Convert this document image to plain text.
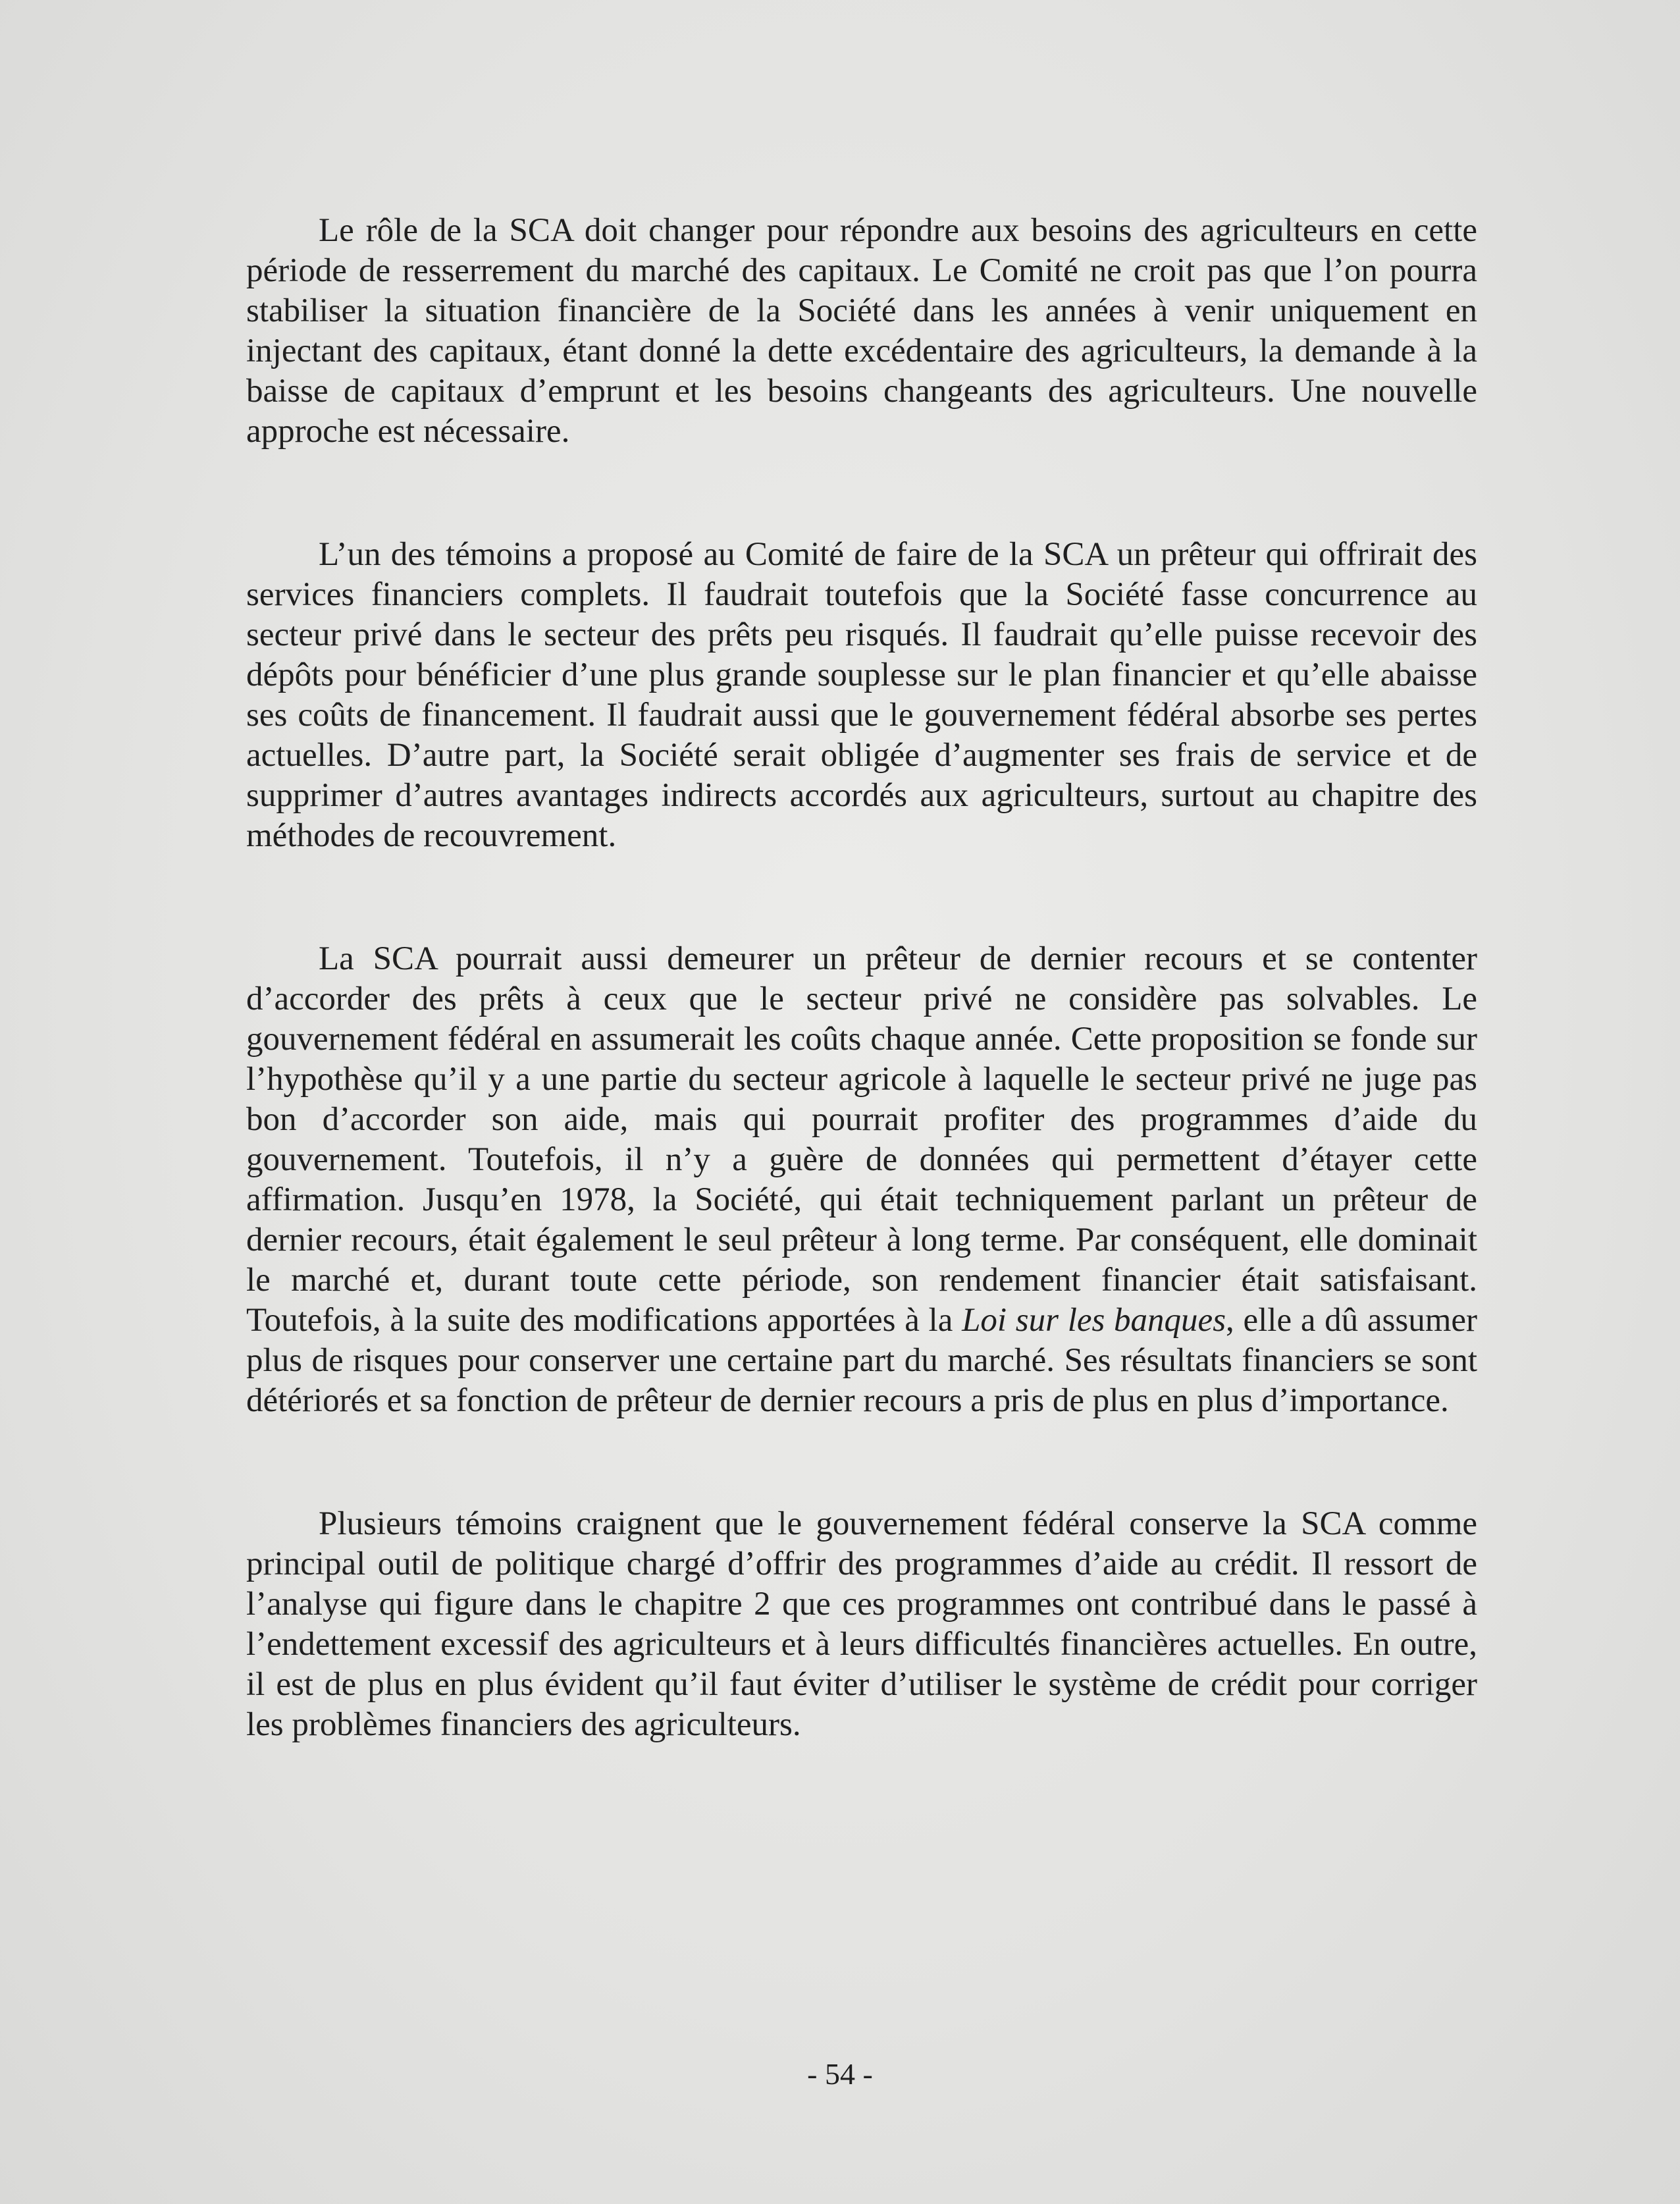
Le rôle de la SCA doit changer pour répondre aux besoins des agriculteurs en cette période de resserrement du marché des capitaux. Le Comité ne croit pas que l’on pourra stabiliser la situation financière de la Société dans les années à venir uniquement en injectant des capitaux, étant donné la dette excédentaire des agriculteurs, la demande à la baisse de capitaux d’emprunt et les besoins changeants des agriculteurs. Une nouvelle approche est nécessaire.

L’un des témoins a proposé au Comité de faire de la SCA un prêteur qui offrirait des services financiers complets. Il faudrait toutefois que la Société fasse concurrence au secteur privé dans le secteur des prêts peu risqués. Il faudrait qu’elle puisse recevoir des dépôts pour bénéficier d’une plus grande souplesse sur le plan financier et qu’elle abaisse ses coûts de financement. Il faudrait aussi que le gouvernement fédéral absorbe ses pertes actuelles. D’autre part, la Société serait obligée d’augmenter ses frais de service et de supprimer d’autres avantages indirects accordés aux agriculteurs, surtout au chapitre des méthodes de recouvrement.

La SCA pourrait aussi demeurer un prêteur de dernier recours et se contenter d’accorder des prêts à ceux que le secteur privé ne considère pas solvables. Le gouvernement fédéral en assumerait les coûts chaque année. Cette proposition se fonde sur l’hypothèse qu’il y a une partie du secteur agricole à laquelle le secteur privé ne juge pas bon d’accorder son aide, mais qui pourrait profiter des programmes d’aide du gouvernement. Toutefois, il n’y a guère de données qui permettent d’étayer cette affirmation. Jusqu’en 1978, la Société, qui était techniquement parlant un prêteur de dernier recours, était également le seul prêteur à long terme. Par conséquent, elle dominait le marché et, durant toute cette période, son rendement financier était satisfaisant. Toutefois, à la suite des modifications apportées à la Loi sur les banques, elle a dû assumer plus de risques pour conserver une certaine part du marché. Ses résultats financiers se sont détériorés et sa fonction de prêteur de dernier recours a pris de plus en plus d’importance.

Plusieurs témoins craignent que le gouvernement fédéral conserve la SCA comme principal outil de politique chargé d’offrir des programmes d’aide au crédit. Il ressort de l’analyse qui figure dans le chapitre 2 que ces programmes ont contribué dans le passé à l’endettement excessif des agriculteurs et à leurs difficultés financières actuelles. En outre, il est de plus en plus évident qu’il faut éviter d’utiliser le système de crédit pour corriger les problèmes financiers des agriculteurs.

- 54 -
